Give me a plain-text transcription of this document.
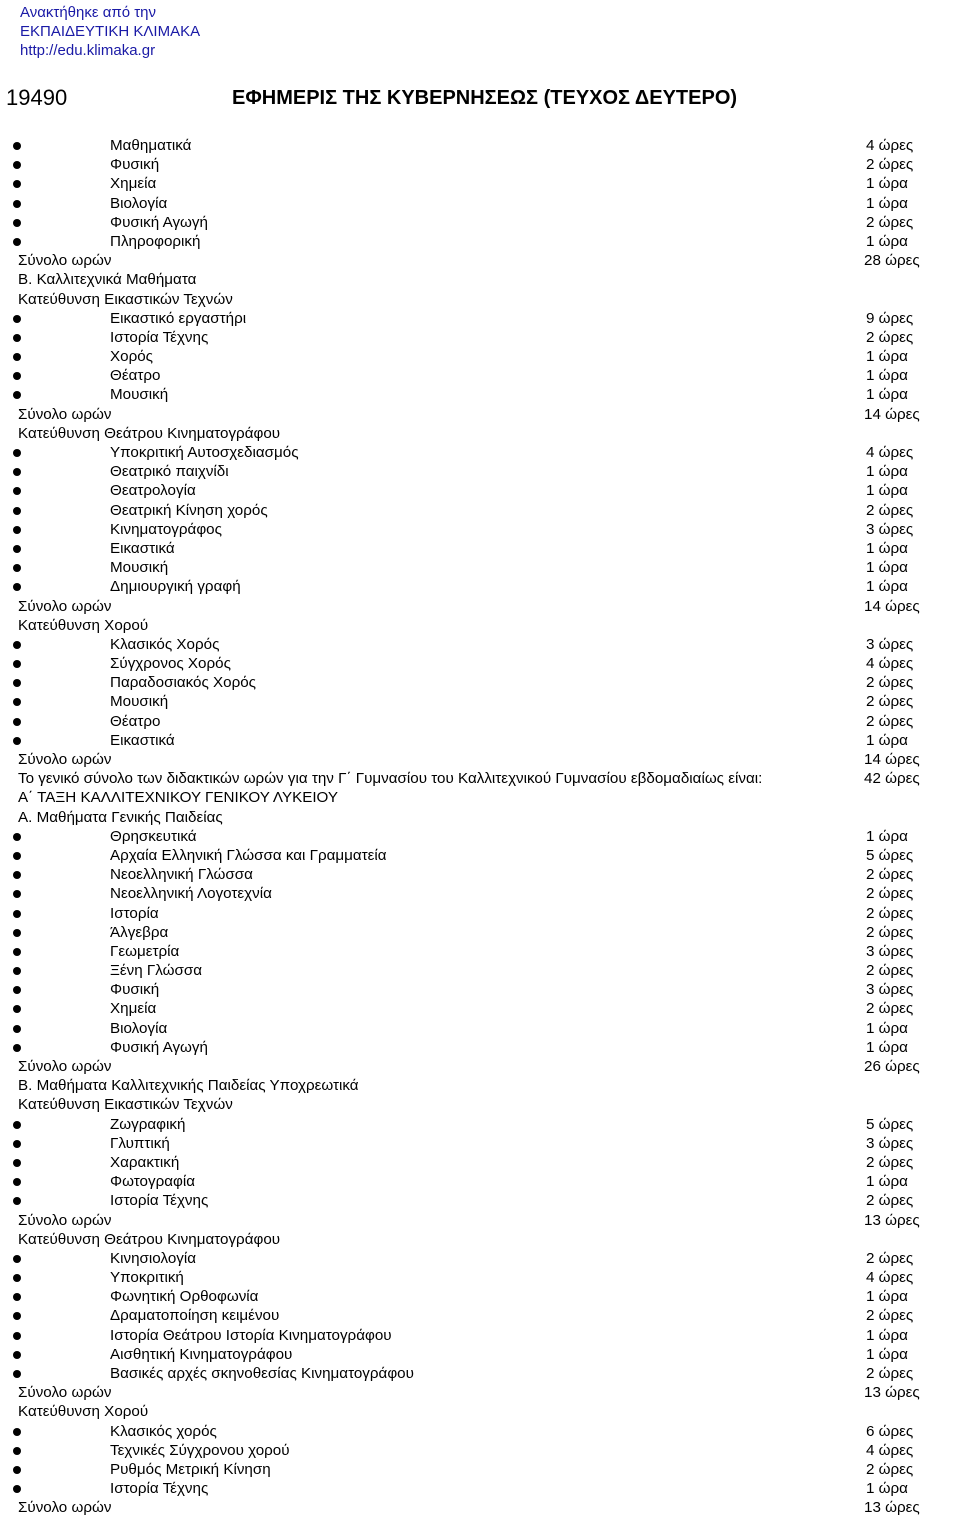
Ανακτήθηκε από την
ΕΚΠΑΙΔΕΥΤΙΚΗ ΚΛΙΜΑΚΑ
http://edu.klimaka.gr
19490	ΕΦΗΜΕΡΙΣ ΤΗΣ ΚΥΒΕΡΝΗΣΕΩΣ (ΤΕΥΧΟΣ ΔΕΥΤΕΡΟ)
Μαθηματικά	4 ώρες
Φυσική	2 ώρες
Χημεία	1 ώρα
Βιολογία	1 ώρα
Φυσική Αγωγή	2 ώρες
Πληροφορική	1 ώρα
Σύνολο ωρών	28 ώρες
Β. Καλλιτεχνικά Μαθήματα
Κατεύθυνση Εικαστικών Τεχνών
Εικαστικό εργαστήρι	9 ώρες
Ιστορία Τέχνης	2 ώρες
Χορός	1 ώρα
Θέατρο	1 ώρα
Μουσική	1 ώρα
Σύνολο ωρών	14 ώρες
Κατεύθυνση Θεάτρου Κινηματογράφου
Υποκριτική Αυτοσχεδιασμός	4 ώρες
Θεατρικό παιχνίδι	1 ώρα
Θεατρολογία	1 ώρα
Θεατρική Κίνηση χορός	2 ώρες
Κινηματογράφος	3 ώρες
Εικαστικά	1 ώρα
Μουσική	1 ώρα
Δημιουργική γραφή	1 ώρα
Σύνολο ωρών	14 ώρες
Κατεύθυνση Χορού
Κλασικός Χορός	3 ώρες
Σύγχρονος Χορός	4 ώρες
Παραδοσιακός Χορός	2 ώρες
Μουσική	2 ώρες
Θέατρο	2 ώρες
Εικαστικά	1 ώρα
Σύνολο ωρών	14 ώρες
Το γενικό σύνολο των διδακτικών ωρών για την Γ΄ Γυμνασίου του Καλλιτεχνικού Γυμνασίου εβδομαδιαίως είναι:	42 ώρες
Α΄ ΤΑΞΗ ΚΑΛΛΙΤΕΧΝΙΚΟΥ ΓΕΝΙΚΟΥ ΛΥΚΕΙΟΥ
Α. Μαθήματα Γενικής Παιδείας
Θρησκευτικά	1 ώρα
Αρχαία Ελληνική Γλώσσα και Γραμματεία	5 ώρες
Νεοελληνική Γλώσσα	2 ώρες
Νεοελληνική Λογοτεχνία	2 ώρες
Ιστορία	2 ώρες
Άλγεβρα	2 ώρες
Γεωμετρία	3 ώρες
Ξένη Γλώσσα	2 ώρες
Φυσική	3 ώρες
Χημεία	2 ώρες
Βιολογία	1 ώρα
Φυσική Αγωγή	1 ώρα
Σύνολο ωρών	26 ώρες
Β. Μαθήματα Καλλιτεχνικής Παιδείας Υποχρεωτικά
Κατεύθυνση Εικαστικών Τεχνών
Ζωγραφική	5 ώρες
Γλυπτική	3 ώρες
Χαρακτική	2 ώρες
Φωτογραφία	1 ώρα
Ιστορία Τέχνης	2 ώρες
Σύνολο ωρών	13 ώρες
Κατεύθυνση Θεάτρου Κινηματογράφου
Κινησιολογία	2 ώρες
Υποκριτική	4 ώρες
Φωνητική Ορθοφωνία	1 ώρα
Δραματοποίηση κειμένου	2 ώρες
Ιστορία Θεάτρου Ιστορία Κινηματογράφου	1 ώρα
Αισθητική Κινηματογράφου	1 ώρα
Βασικές αρχές σκηνοθεσίας Κινηματογράφου	2 ώρες
Σύνολο ωρών	13 ώρες
Κατεύθυνση Χορού
Κλασικός χορός	6 ώρες
Τεχνικές Σύγχρονου χορού	4 ώρες
Ρυθμός Μετρική Κίνηση	2 ώρες
Ιστορία Τέχνης	1 ώρα
Σύνολο ωρών	13 ώρες
